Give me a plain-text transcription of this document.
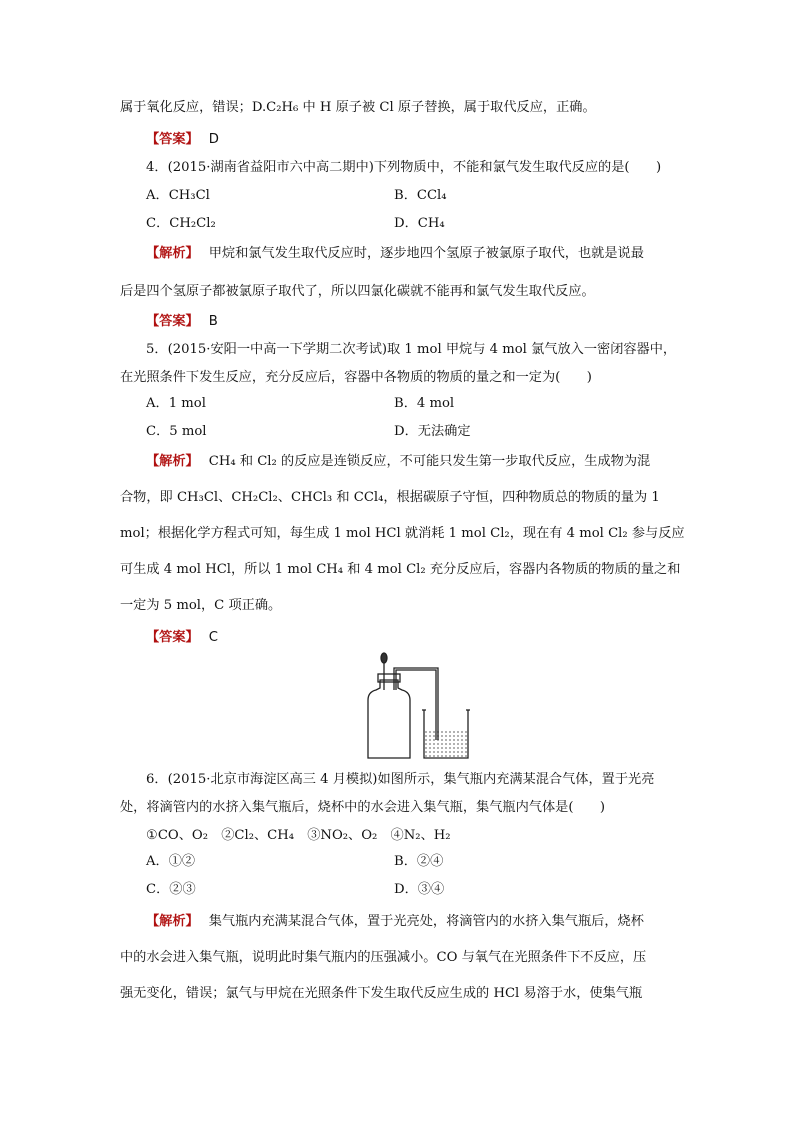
属于氧化反应，错误；D.C₂H₆ 中 H 原子被 Cl 原子替换，属于取代反应，正确。
【答案】 D
4．(2015·湖南省益阳市六中高二期中)下列物质中，不能和氯气发生取代反应的是(　　)
A．CH₃Cl	B．CCl₄
C．CH₂Cl₂	D．CH₄
【解析】 甲烷和氯气发生取代反应时，逐步地四个氢原子被氯原子取代，也就是说最
后是四个氢原子都被氯原子取代了，所以四氯化碳就不能再和氯气发生取代反应。
【答案】 B
5．(2015·安阳一中高一下学期二次考试)取 1 mol 甲烷与 4 mol 氯气放入一密闭容器中，
在光照条件下发生反应，充分反应后，容器中各物质的物质的量之和一定为(　　)
A．1 mol	B．4 mol
C．5 mol	D．无法确定
【解析】 CH₄ 和 Cl₂ 的反应是连锁反应，不可能只发生第一步取代反应，生成物为混
合物，即 CH₃Cl、CH₂Cl₂、CHCl₃ 和 CCl₄，根据碳原子守恒，四种物质总的物质的量为 1
mol；根据化学方程式可知，每生成 1 mol HCl 就消耗 1 mol Cl₂，现在有 4 mol Cl₂ 参与反应
可生成 4 mol HCl，所以 1 mol CH₄ 和 4 mol Cl₂ 充分反应后，容器内各物质的物质的量之和
一定为 5 mol，C 项正确。
【答案】 C
6．(2015·北京市海淀区高三 4 月模拟)如图所示，集气瓶内充满某混合气体，置于光亮
处，将滴管内的水挤入集气瓶后，烧杯中的水会进入集气瓶，集气瓶内气体是(　　)
①CO、O₂　②Cl₂、CH₄　③NO₂、O₂　④N₂、H₂
A．①②	B．②④
C．②③	D．③④
【解析】 集气瓶内充满某混合气体，置于光亮处，将滴管内的水挤入集气瓶后，烧杯
中的水会进入集气瓶，说明此时集气瓶内的压强减小。CO 与氧气在光照条件下不反应，压
强无变化，错误；氯气与甲烷在光照条件下发生取代反应生成的 HCl 易溶于水，使集气瓶
